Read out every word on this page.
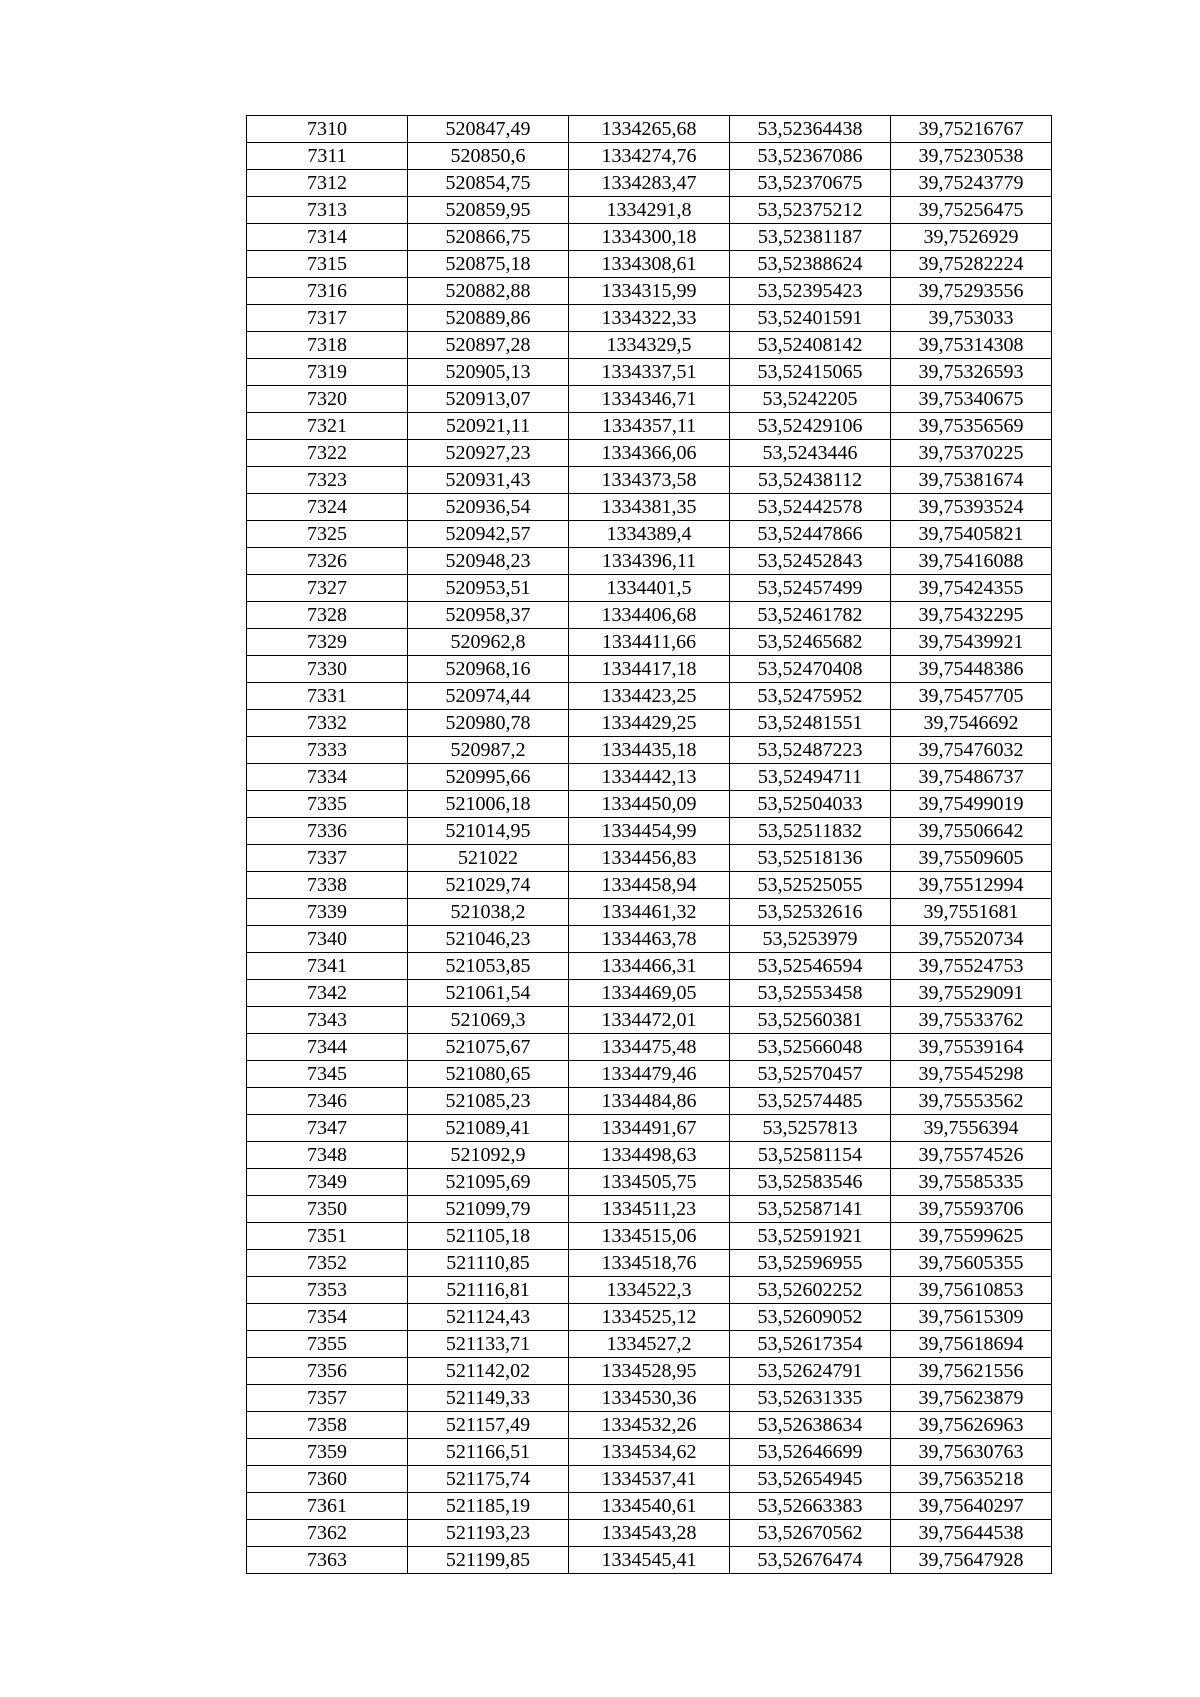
7310	520847,49	1334265,68	53,52364438	39,75216767
7311	520850,6	1334274,76	53,52367086	39,75230538
7312	520854,75	1334283,47	53,52370675	39,75243779
7313	520859,95	1334291,8	53,52375212	39,75256475
7314	520866,75	1334300,18	53,52381187	39,7526929
7315	520875,18	1334308,61	53,52388624	39,75282224
7316	520882,88	1334315,99	53,52395423	39,75293556
7317	520889,86	1334322,33	53,52401591	39,753033
7318	520897,28	1334329,5	53,52408142	39,75314308
7319	520905,13	1334337,51	53,52415065	39,75326593
7320	520913,07	1334346,71	53,5242205	39,75340675
7321	520921,11	1334357,11	53,52429106	39,75356569
7322	520927,23	1334366,06	53,5243446	39,75370225
7323	520931,43	1334373,58	53,52438112	39,75381674
7324	520936,54	1334381,35	53,52442578	39,75393524
7325	520942,57	1334389,4	53,52447866	39,75405821
7326	520948,23	1334396,11	53,52452843	39,75416088
7327	520953,51	1334401,5	53,52457499	39,75424355
7328	520958,37	1334406,68	53,52461782	39,75432295
7329	520962,8	1334411,66	53,52465682	39,75439921
7330	520968,16	1334417,18	53,52470408	39,75448386
7331	520974,44	1334423,25	53,52475952	39,75457705
7332	520980,78	1334429,25	53,52481551	39,7546692
7333	520987,2	1334435,18	53,52487223	39,75476032
7334	520995,66	1334442,13	53,52494711	39,75486737
7335	521006,18	1334450,09	53,52504033	39,75499019
7336	521014,95	1334454,99	53,52511832	39,75506642
7337	521022	1334456,83	53,52518136	39,75509605
7338	521029,74	1334458,94	53,52525055	39,75512994
7339	521038,2	1334461,32	53,52532616	39,7551681
7340	521046,23	1334463,78	53,5253979	39,75520734
7341	521053,85	1334466,31	53,52546594	39,75524753
7342	521061,54	1334469,05	53,52553458	39,75529091
7343	521069,3	1334472,01	53,52560381	39,75533762
7344	521075,67	1334475,48	53,52566048	39,75539164
7345	521080,65	1334479,46	53,52570457	39,75545298
7346	521085,23	1334484,86	53,52574485	39,75553562
7347	521089,41	1334491,67	53,5257813	39,7556394
7348	521092,9	1334498,63	53,52581154	39,75574526
7349	521095,69	1334505,75	53,52583546	39,75585335
7350	521099,79	1334511,23	53,52587141	39,75593706
7351	521105,18	1334515,06	53,52591921	39,75599625
7352	521110,85	1334518,76	53,52596955	39,75605355
7353	521116,81	1334522,3	53,52602252	39,75610853
7354	521124,43	1334525,12	53,52609052	39,75615309
7355	521133,71	1334527,2	53,52617354	39,75618694
7356	521142,02	1334528,95	53,52624791	39,75621556
7357	521149,33	1334530,36	53,52631335	39,75623879
7358	521157,49	1334532,26	53,52638634	39,75626963
7359	521166,51	1334534,62	53,52646699	39,75630763
7360	521175,74	1334537,41	53,52654945	39,75635218
7361	521185,19	1334540,61	53,52663383	39,75640297
7362	521193,23	1334543,28	53,52670562	39,75644538
7363	521199,85	1334545,41	53,52676474	39,75647928
